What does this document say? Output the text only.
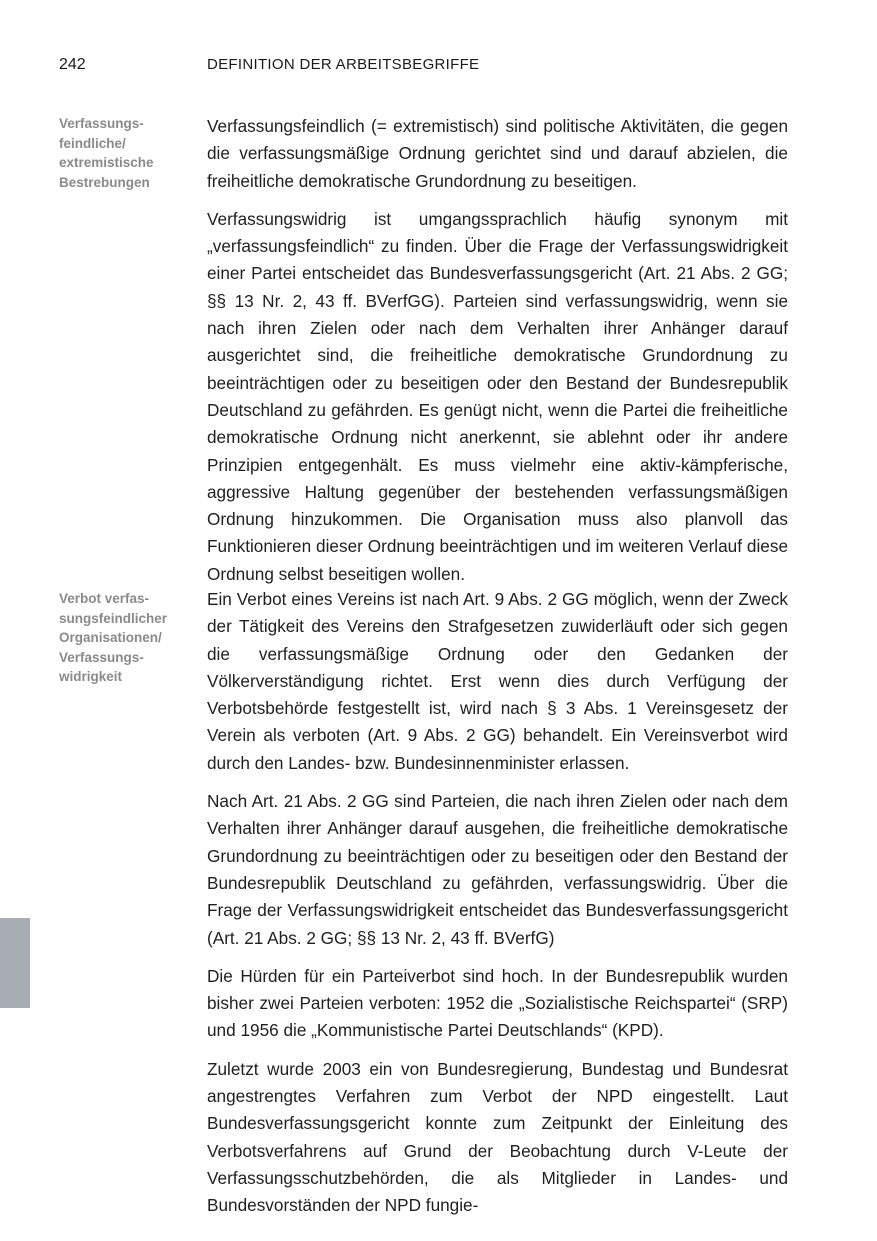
242	DEFINITION DER ARBEITSBEGRIFFE
Verfassungs-
feindliche/
extremistische
Bestrebungen

Verfassungsfeindlich (= extremistisch) sind politische Aktivitäten, die gegen die verfassungsmäßige Ordnung gerichtet sind und darauf abzielen, die freiheitliche demokratische Grundordnung zu beseitigen.

Verfassungswidrig ist umgangssprachlich häufig synonym mit „verfassungsfeindlich“ zu finden. Über die Frage der Verfassungswidrigkeit einer Partei entscheidet das Bundesverfassungsgericht (Art. 21 Abs. 2 GG; §§ 13 Nr. 2, 43 ff. BVerfGG). Parteien sind verfassungswidrig, wenn sie nach ihren Zielen oder nach dem Verhalten ihrer Anhänger darauf ausgerichtet sind, die freiheitliche demokratische Grundordnung zu beeinträchtigen oder zu beseitigen oder den Bestand der Bundesrepublik Deutschland zu gefährden. Es genügt nicht, wenn die Partei die freiheitliche demokratische Ordnung nicht anerkennt, sie ablehnt oder ihr andere Prinzipien entgegenhält. Es muss vielmehr eine aktiv-kämpferische, aggressive Haltung gegenüber der bestehenden verfassungsmäßigen Ordnung hinzukommen. Die Organisation muss also planvoll das Funktionieren dieser Ordnung beeinträchtigen und im weiteren Verlauf diese Ordnung selbst beseitigen wollen.

Verbot verfas-
sungsfeindlicher
Organisationen/
Verfassungs-
widrigkeit

Ein Verbot eines Vereins ist nach Art. 9 Abs. 2 GG möglich, wenn der Zweck der Tätigkeit des Vereins den Strafgesetzen zuwiderläuft oder sich gegen die verfassungsmäßige Ordnung oder den Gedanken der Völkerverständigung richtet. Erst wenn dies durch Verfügung der Verbotsbehörde festgestellt ist, wird nach § 3 Abs. 1 Vereinsgesetz der Verein als verboten (Art. 9 Abs. 2 GG) behandelt. Ein Vereinsverbot wird durch den Landes- bzw. Bundesinnenminister erlassen.

Nach Art. 21 Abs. 2 GG sind Parteien, die nach ihren Zielen oder nach dem Verhalten ihrer Anhänger darauf ausgehen, die freiheitliche demokratische Grundordnung zu beeinträchtigen oder zu beseitigen oder den Bestand der Bundesrepublik Deutschland zu gefährden, verfassungswidrig. Über die Frage der Verfassungswidrigkeit entscheidet das Bundesverfassungsgericht (Art. 21 Abs. 2 GG; §§ 13 Nr. 2, 43 ff. BVerfG)

Die Hürden für ein Parteiverbot sind hoch. In der Bundesrepublik wurden bisher zwei Parteien verboten: 1952 die „Sozialistische Reichspartei“ (SRP) und 1956 die „Kommunistische Partei Deutschlands“ (KPD).

Zuletzt wurde 2003 ein von Bundesregierung, Bundestag und Bundesrat angestrengtes Verfahren zum Verbot der NPD eingestellt. Laut Bundesverfassungsgericht konnte zum Zeitpunkt der Einleitung des Verbotsverfahrens auf Grund der Beobachtung durch V-Leute der Verfassungsschutzbehörden, die als Mitglieder in Landes- und Bundesvorständen der NPD fungie-
